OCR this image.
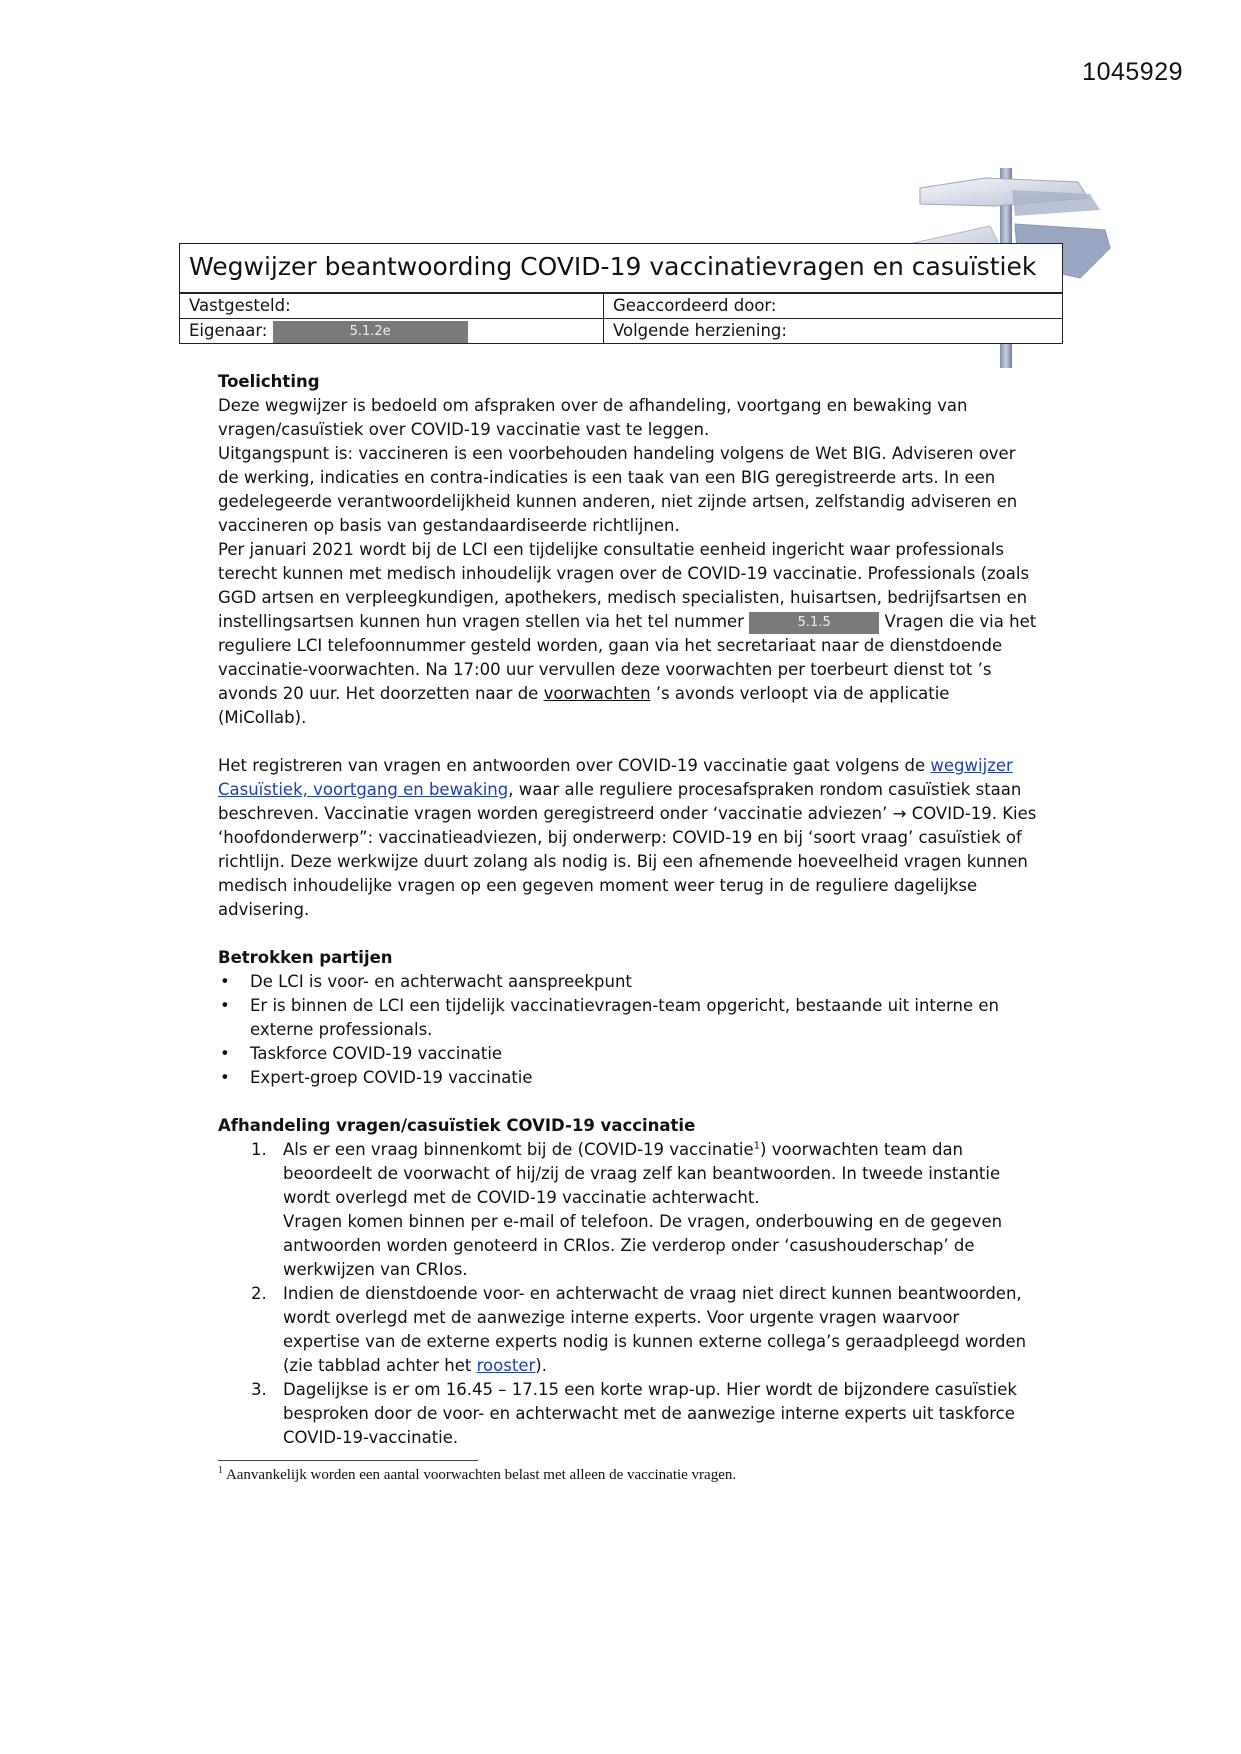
1045929
Wegwijzer beantwoording COVID-19 vaccinatievragen en casuïstiek
Vastgesteld:	Geaccordeerd door:
Eigenaar:	5.1.2e	Volgende herziening:
Toelichting

Deze wegwijzer is bedoeld om afspraken over de afhandeling, voortgang en bewaking van vragen/casuïstiek over COVID-19 vaccinatie vast te leggen.

Uitgangspunt is: vaccineren is een voorbehouden handeling volgens de Wet BIG. Adviseren over de werking, indicaties en contra-indicaties is een taak van een BIG geregistreerde arts. In een gedelegeerde verantwoordelijkheid kunnen anderen, niet zijnde artsen, zelfstandig adviseren en vaccineren op basis van gestandaardiseerde richtlijnen.

Per januari 2021 wordt bij de LCI een tijdelijke consultatie eenheid ingericht waar professionals terecht kunnen met medisch inhoudelijk vragen over de COVID-19 vaccinatie. Professionals (zoals GGD artsen en verpleegkundigen, apothekers, medisch specialisten, huisartsen, bedrijfsartsen en instellingsartsen kunnen hun vragen stellen via het tel nummer	5.1.5	Vragen die via het reguliere LCI telefoonnummer gesteld worden, gaan via het secretariaat naar de dienstdoende vaccinatie-voorwachten. Na 17:00 uur vervullen deze voorwachten per toerbeurt dienst tot ’s avonds 20 uur. Het doorzetten naar de voorwachten ’s avonds verloopt via de applicatie (MiCollab).

Het registreren van vragen en antwoorden over COVID-19 vaccinatie gaat volgens de wegwijzer Casuïstiek, voortgang en bewaking, waar alle reguliere procesafspraken rondom casuïstiek staan beschreven. Vaccinatie vragen worden geregistreerd onder ‘vaccinatie adviezen’ → COVID-19. Kies ‘hoofdonderwerp”: vaccinatieadviezen, bij onderwerp: COVID-19 en bij ‘soort vraag’ casuïstiek of richtlijn. Deze werkwijze duurt zolang als nodig is. Bij een afnemende hoeveelheid vragen kunnen medisch inhoudelijke vragen op een gegeven moment weer terug in de reguliere dagelijkse advisering.

Betrokken partijen
• De LCI is voor- en achterwacht aanspreekpunt
• Er is binnen de LCI een tijdelijk vaccinatievragen-team opgericht, bestaande uit interne en externe professionals.
• Taskforce COVID-19 vaccinatie
• Expert-groep COVID-19 vaccinatie
Afhandeling vragen/casuïstiek COVID-19 vaccinatie
1. Als er een vraag binnenkomt bij de (COVID-19 vaccinatie$^1$) voorwachten team dan beoordeelt de voorwacht of hij/zij de vraag zelf kan beantwoorden. In tweede instantie wordt overlegd met de COVID-19 vaccinatie achterwacht.
Vragen komen binnen per e-mail of telefoon. De vragen, onderbouwing en de gegeven antwoorden worden genoteerd in CRIos. Zie verderop onder ‘casushouderschap’ de werkwijzen van CRIos.
2. Indien de dienstdoende voor- en achterwacht de vraag niet direct kunnen beantwoorden, wordt overlegd met de aanwezige interne experts. Voor urgente vragen waarvoor expertise van de externe experts nodig is kunnen externe collega’s geraadpleegd worden (zie tabblad achter het rooster).
3. Dagelijkse is er om 16.45 – 17.15 een korte wrap-up. Hier wordt de bijzondere casuïstiek besproken door de voor- en achterwacht met de aanwezige interne experts uit taskforce COVID-19-vaccinatie.
$^1$ Aanvankelijk worden een aantal voorwachten belast met alleen de vaccinatie vragen.
